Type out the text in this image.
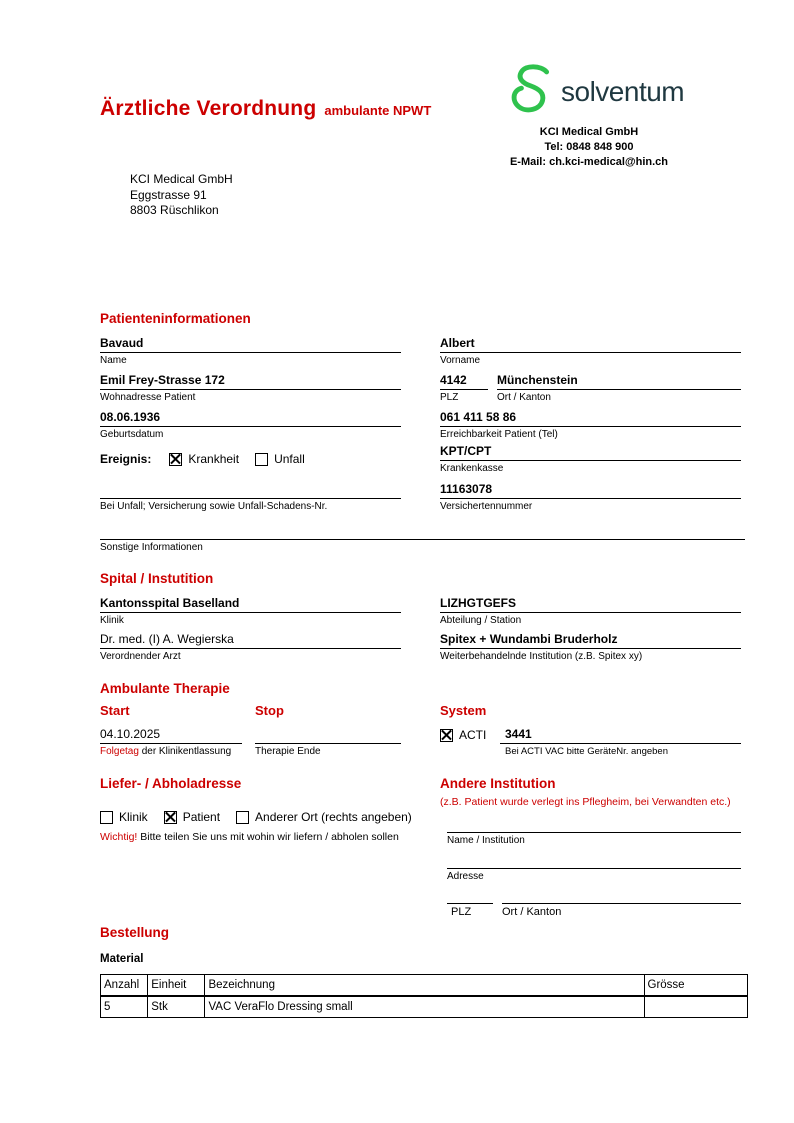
Ärztliche Verordnung ambulante NPWT
solventum
KCI Medical GmbH
Tel: 0848 848 900
E-Mail: ch.kci-medical@hin.ch
KCI Medical GmbH
Eggstrasse 91
8803 Rüschlikon
Patienteninformationen
Bavaud
Name
Albert
Vorname
Emil Frey-Strasse 172
Wohnadresse Patient
4142
PLZ
Münchenstein
Ort / Kanton
08.06.1936
Geburtsdatum
061 411 58 86
Erreichbarkeit Patient (Tel)
Ereignis:	Krankheit	Unfall
KPT/CPT
Krankenkasse
Bei Unfall; Versicherung sowie Unfall-Schadens-Nr.
11163078
Versichertennummer
Sonstige Informationen
Spital / Instutition
Kantonsspital Baselland
Klinik
LIZHGTGEFS
Abteilung / Station
Dr. med. (I) A. Wegierska
Verordnender Arzt
Spitex + Wundambi Bruderholz
Weiterbehandelnde Institution (z.B. Spitex xy)
Ambulante Therapie
Start	Stop	System
04.10.2025
Folgetag der Klinikentlassung	Therapie Ende
ACTI	3441
Bei ACTI VAC bitte GeräteNr. angeben
Liefer- / Abholadresse
Klinik	Patient	Anderer Ort (rechts angeben)
Wichtig! Bitte teilen Sie uns mit wohin wir liefern / abholen sollen
Andere Institution
(z.B. Patient wurde verlegt ins Pflegheim, bei Verwandten etc.)
Name / Institution
Adresse
PLZ	Ort / Kanton
Bestellung
Material
Anzahl	Einheit	Bezeichnung	Grösse
5	Stk	VAC VeraFlo Dressing small	
